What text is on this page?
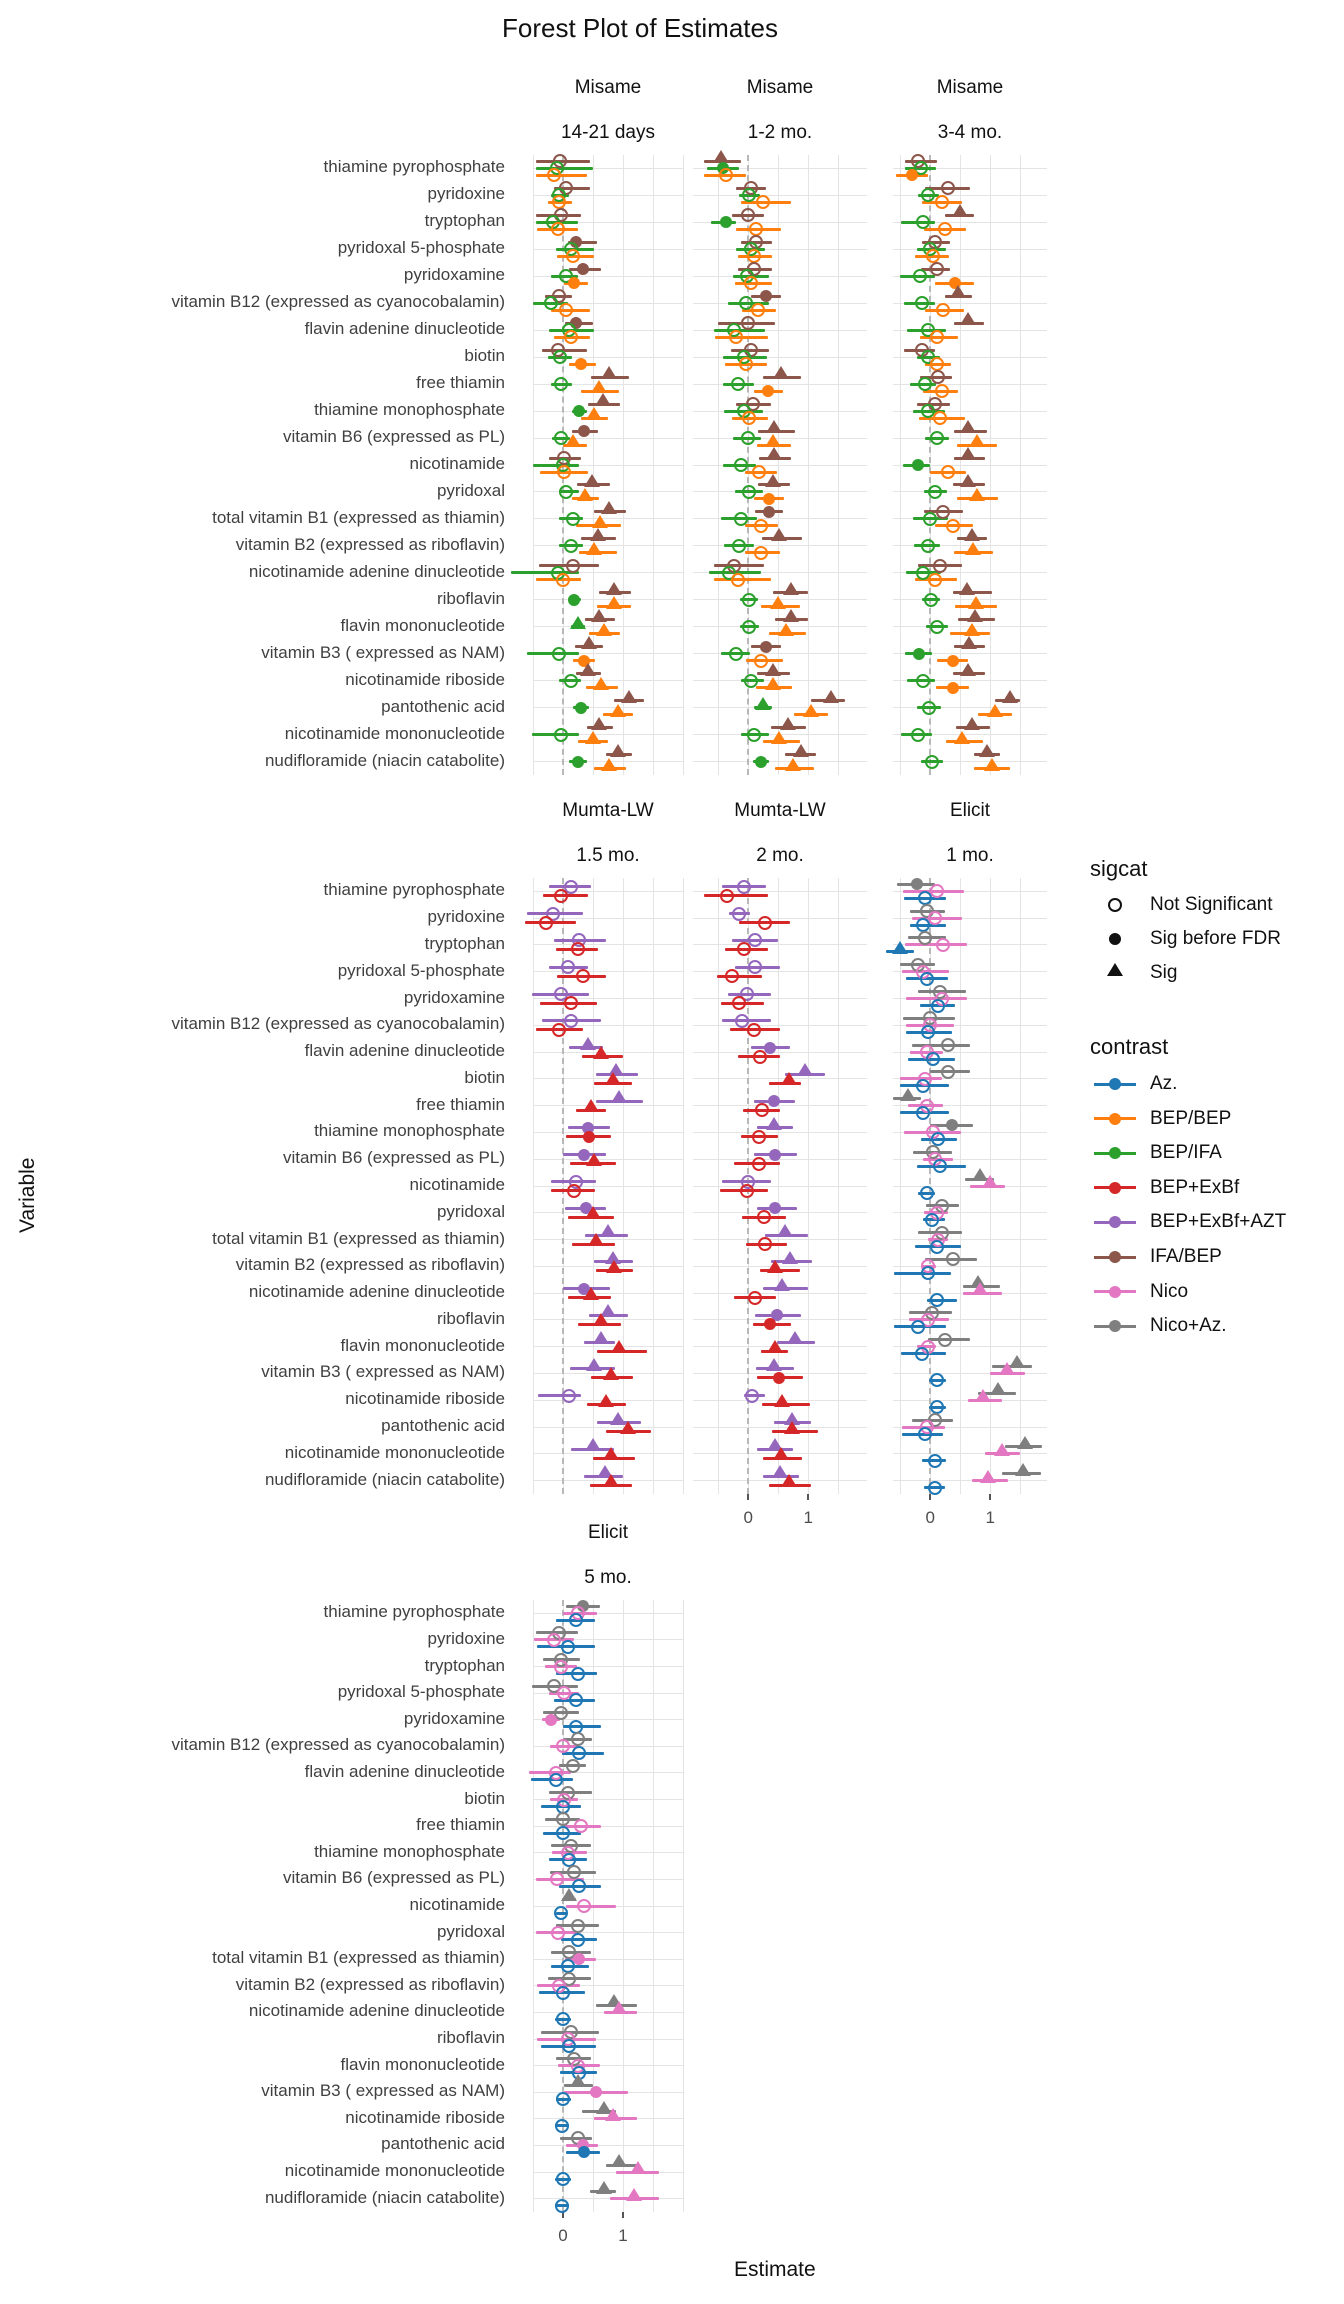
Forest Plot of Estimates
thiamine pyrophosphate
pyridoxine
tryptophan
pyridoxal 5-phosphate
pyridoxamine
vitamin B12 (expressed as cyanocobalamin)
flavin adenine dinucleotide
biotin
free thiamin
thiamine monophosphate
vitamin B6 (expressed as PL)
nicotinamide
pyridoxal
total vitamin B1 (expressed as thiamin)
vitamin B2 (expressed as riboflavin)
nicotinamide adenine dinucleotide
riboflavin
flavin mononucleotide
vitamin B3 ( expressed as NAM)
nicotinamide riboside
pantothenic acid
nicotinamide mononucleotide
nudifloramide (niacin catabolite)
thiamine pyrophosphate
pyridoxine
tryptophan
pyridoxal 5-phosphate
pyridoxamine
vitamin B12 (expressed as cyanocobalamin)
flavin adenine dinucleotide
biotin
free thiamin
thiamine monophosphate
vitamin B6 (expressed as PL)
nicotinamide
pyridoxal
total vitamin B1 (expressed as thiamin)
vitamin B2 (expressed as riboflavin)
nicotinamide adenine dinucleotide
riboflavin
flavin mononucleotide
vitamin B3 ( expressed as NAM)
nicotinamide riboside
pantothenic acid
nicotinamide mononucleotide
nudifloramide (niacin catabolite)
thiamine pyrophosphate
pyridoxine
tryptophan
pyridoxal 5-phosphate
pyridoxamine
vitamin B12 (expressed as cyanocobalamin)
flavin adenine dinucleotide
biotin
free thiamin
thiamine monophosphate
vitamin B6 (expressed as PL)
nicotinamide
pyridoxal
total vitamin B1 (expressed as thiamin)
vitamin B2 (expressed as riboflavin)
nicotinamide adenine dinucleotide
riboflavin
flavin mononucleotide
vitamin B3 ( expressed as NAM)
nicotinamide riboside
pantothenic acid
nicotinamide mononucleotide
nudifloramide (niacin catabolite)
Misame
14-21 days
Misame
1-2 mo.
Misame
3-4 mo.
Mumta-LW
1.5 mo.
Mumta-LW
2 mo.
0	1
Elicit
1 mo.
0	1
Elicit
5 mo.
0	1
Estimate
Variable
sigcat
Not Significant
Sig before FDR
Sig
contrast
Az.
BEP/BEP
BEP/IFA
BEP+ExBf
BEP+ExBf+AZT
IFA/BEP
Nico
Nico+Az.
